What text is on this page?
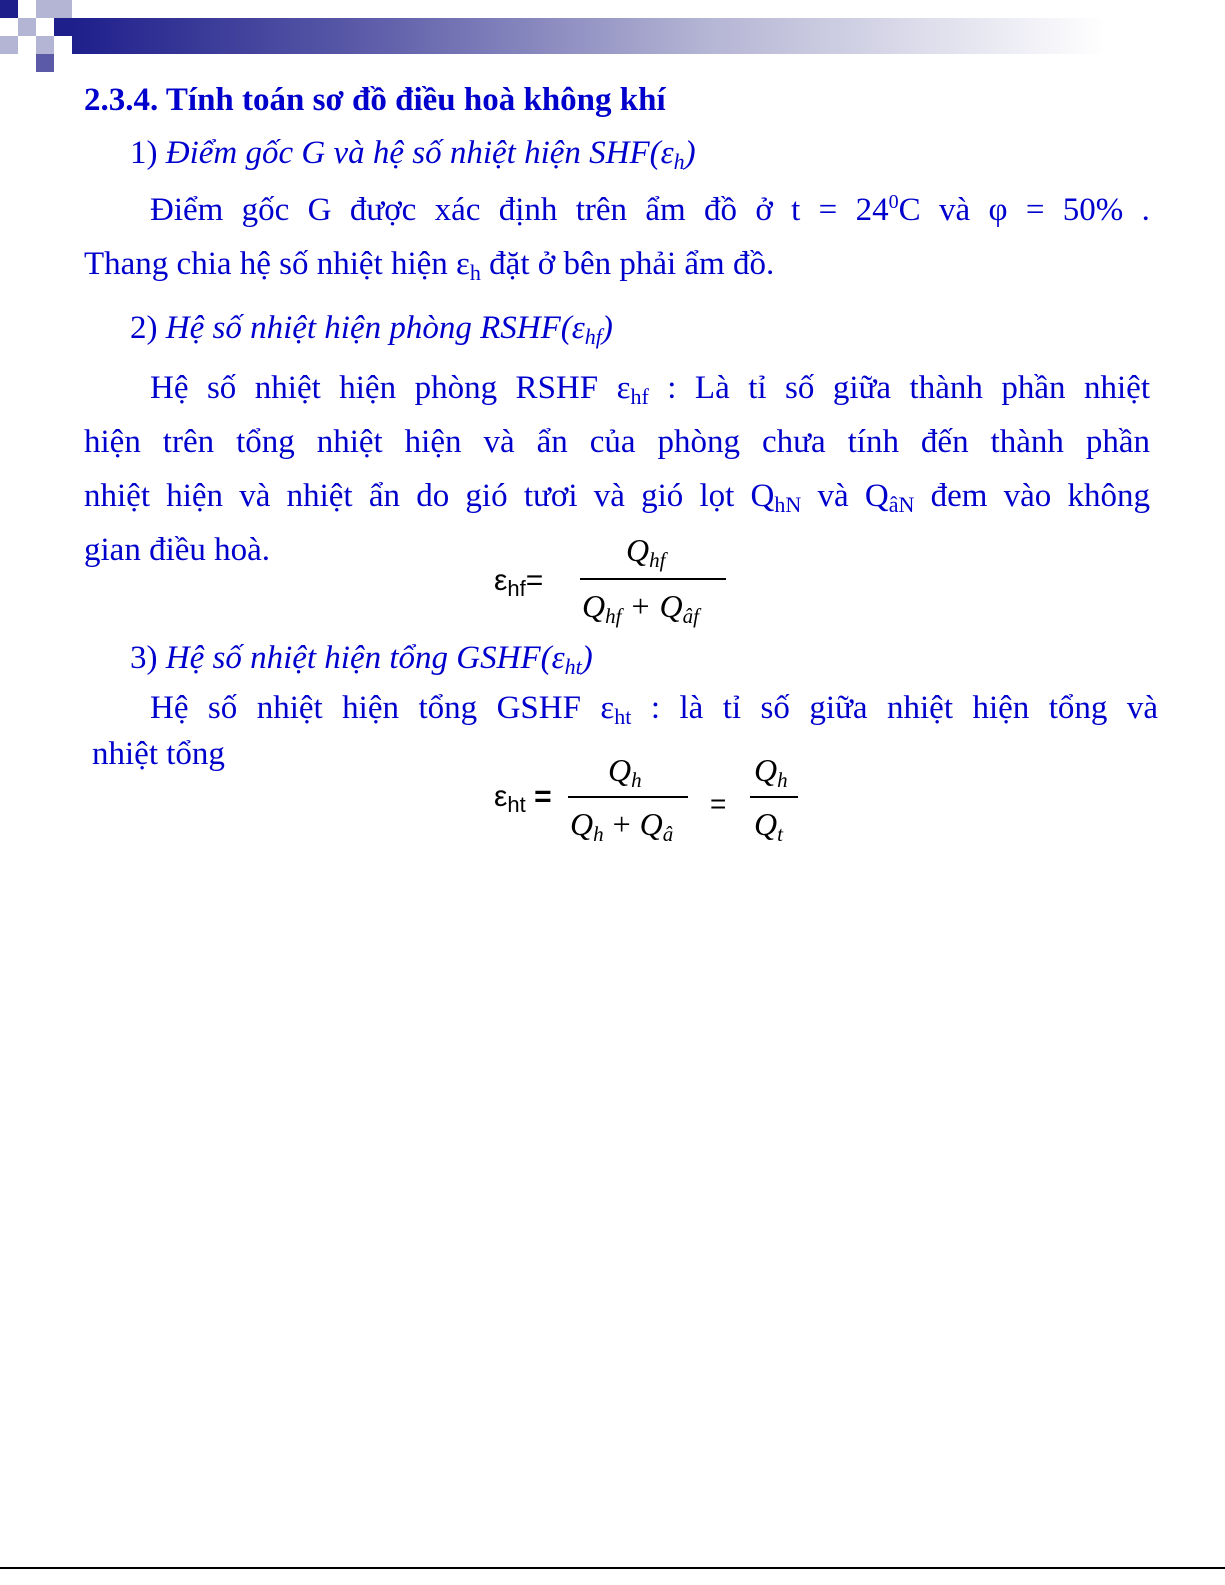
2.3.4. Tính toán sơ đồ điều hoà không khí
1) Điểm gốc G và hệ số nhiệt hiện $SHF(\varepsilon_h)$
Điểm gốc G được xác định trên ẩm đồ ở $t = 24^0C$ và φ = 50% .
Thang chia hệ số nhiệt hiện $\varepsilon_h$ đặt ở bên phải ẩm đồ.
2) Hệ số nhiệt hiện phòng $RSHF(\varepsilon_{hf})$
Hệ số nhiệt hiện phòng RSHF $\varepsilon_{hf}$ : Là tỉ số giữa thành phần nhiệt
hiện trên tổng nhiệt hiện và ẩn của phòng chưa tính đến thành phần
nhiệt hiện và nhiệt ẩn do gió tươi và gió lọt $Q_{hN}$ và $Q_{âN}$ đem vào không
gian điều hoà.
$\varepsilon_{hf}=$
$Q_{hf}$
$Q_{hf} + Q_{âf}$
3) Hệ số nhiệt hiện tổng $GSHF(\varepsilon_{ht})$
Hệ số nhiệt hiện tổng GSHF $\varepsilon_{ht}$ : là tỉ số giữa nhiệt hiện tổng và
nhiệt tổng
$\varepsilon_{ht}$ =
$Q_h$
$Q_h + Q_â$
=
$Q_h$
$Q_t$
